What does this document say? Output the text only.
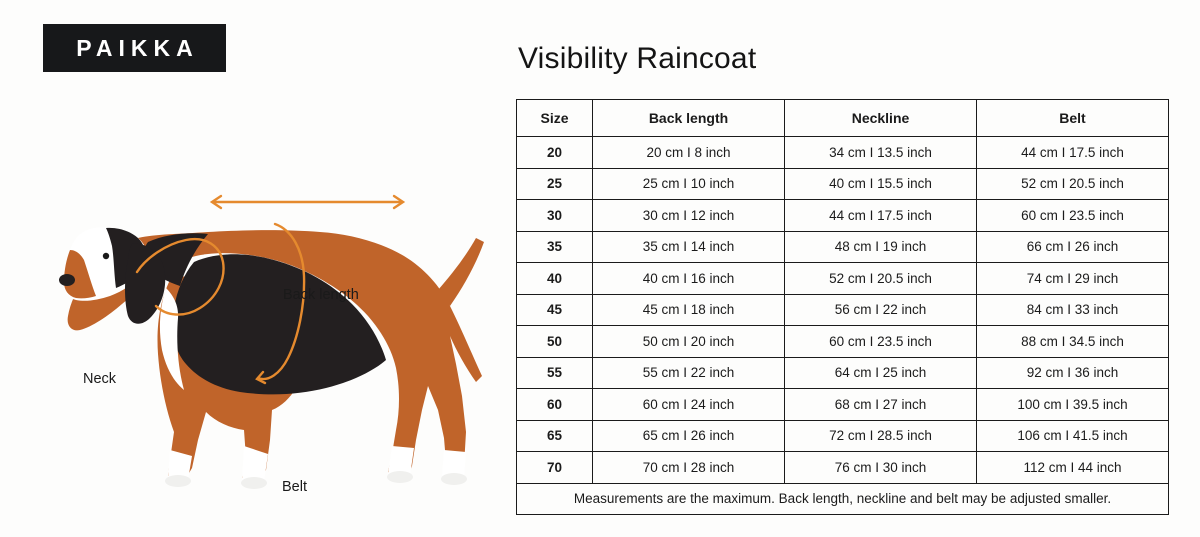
PAIKKA
Back length
Neck
Belt
Visibility Raincoat
Size	Back length	Neckline	Belt
20	20 cm I 8 inch	34 cm I 13.5 inch	44 cm I 17.5 inch
25	25 cm I 10 inch	40 cm I 15.5 inch	52 cm I 20.5 inch
30	30 cm I 12 inch	44 cm I 17.5 inch	60 cm I 23.5 inch
35	35 cm I 14 inch	48 cm I 19 inch	66 cm I 26 inch
40	40 cm I 16 inch	52 cm I 20.5 inch	74 cm I 29 inch
45	45 cm I 18 inch	56 cm I 22 inch	84 cm I 33 inch
50	50 cm I 20 inch	60 cm I 23.5 inch	88 cm I 34.5 inch
55	55 cm I 22 inch	64 cm I 25 inch	92 cm I 36 inch
60	60 cm I 24 inch	68 cm I 27 inch	100 cm I 39.5 inch
65	65 cm I 26 inch	72 cm I 28.5 inch	106 cm I 41.5 inch
70	70 cm I 28 inch	76 cm I 30 inch	112 cm I 44 inch
Measurements are the maximum. Back length, neckline and belt may be adjusted smaller.			
